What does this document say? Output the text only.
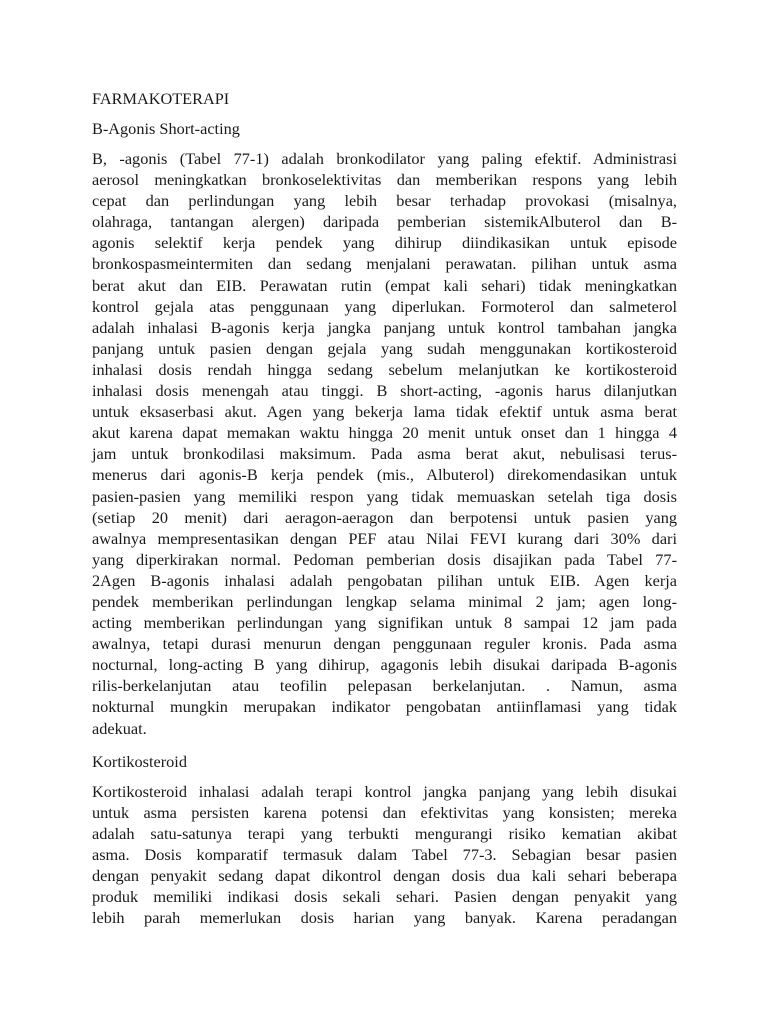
FARMAKOTERAPI
B-Agonis Short-acting
B, -agonis (Tabel 77-1) adalah bronkodilator yang paling efektif. Administrasi
aerosol meningkatkan bronkoselektivitas dan memberikan respons yang lebih
cepat dan perlindungan yang lebih besar terhadap provokasi (misalnya,
olahraga, tantangan alergen) daripada pemberian sistemikAlbuterol dan B-
agonis selektif kerja pendek yang dihirup diindikasikan untuk episode
bronkospasmeintermiten dan sedang menjalani perawatan. pilihan untuk asma
berat akut dan EIB. Perawatan rutin (empat kali sehari) tidak meningkatkan
kontrol gejala atas penggunaan yang diperlukan. Formoterol dan salmeterol
adalah inhalasi B-agonis kerja jangka panjang untuk kontrol tambahan jangka
panjang untuk pasien dengan gejala yang sudah menggunakan kortikosteroid
inhalasi dosis rendah hingga sedang sebelum melanjutkan ke kortikosteroid
inhalasi dosis menengah atau tinggi. B short-acting, -agonis harus dilanjutkan
untuk eksaserbasi akut. Agen yang bekerja lama tidak efektif untuk asma berat
akut karena dapat memakan waktu hingga 20 menit untuk onset dan 1 hingga 4
jam untuk bronkodilasi maksimum. Pada asma berat akut, nebulisasi terus-
menerus dari agonis-B kerja pendek (mis., Albuterol) direkomendasikan untuk
pasien-pasien yang memiliki respon yang tidak memuaskan setelah tiga dosis
(setiap 20 menit) dari aeragon-aeragon dan berpotensi untuk pasien yang
awalnya mempresentasikan dengan PEF atau Nilai FEVI kurang dari 30% dari
yang diperkirakan normal. Pedoman pemberian dosis disajikan pada Tabel 77-
2Agen B-agonis inhalasi adalah pengobatan pilihan untuk EIB. Agen kerja
pendek memberikan perlindungan lengkap selama minimal 2 jam; agen long-
acting memberikan perlindungan yang signifikan untuk 8 sampai 12 jam pada
awalnya, tetapi durasi menurun dengan penggunaan reguler kronis. Pada asma
nocturnal, long-acting B yang dihirup, agagonis lebih disukai daripada B-agonis
rilis-berkelanjutan atau teofilin pelepasan berkelanjutan. . Namun, asma
nokturnal mungkin merupakan indikator pengobatan antiinflamasi yang tidak
adekuat.
Kortikosteroid
Kortikosteroid inhalasi adalah terapi kontrol jangka panjang yang lebih disukai
untuk asma persisten karena potensi dan efektivitas yang konsisten; mereka
adalah satu-satunya terapi yang terbukti mengurangi risiko kematian akibat
asma. Dosis komparatif termasuk dalam Tabel 77-3. Sebagian besar pasien
dengan penyakit sedang dapat dikontrol dengan dosis dua kali sehari beberapa
produk memiliki indikasi dosis sekali sehari. Pasien dengan penyakit yang
lebih parah memerlukan dosis harian yang banyak. Karena peradangan
